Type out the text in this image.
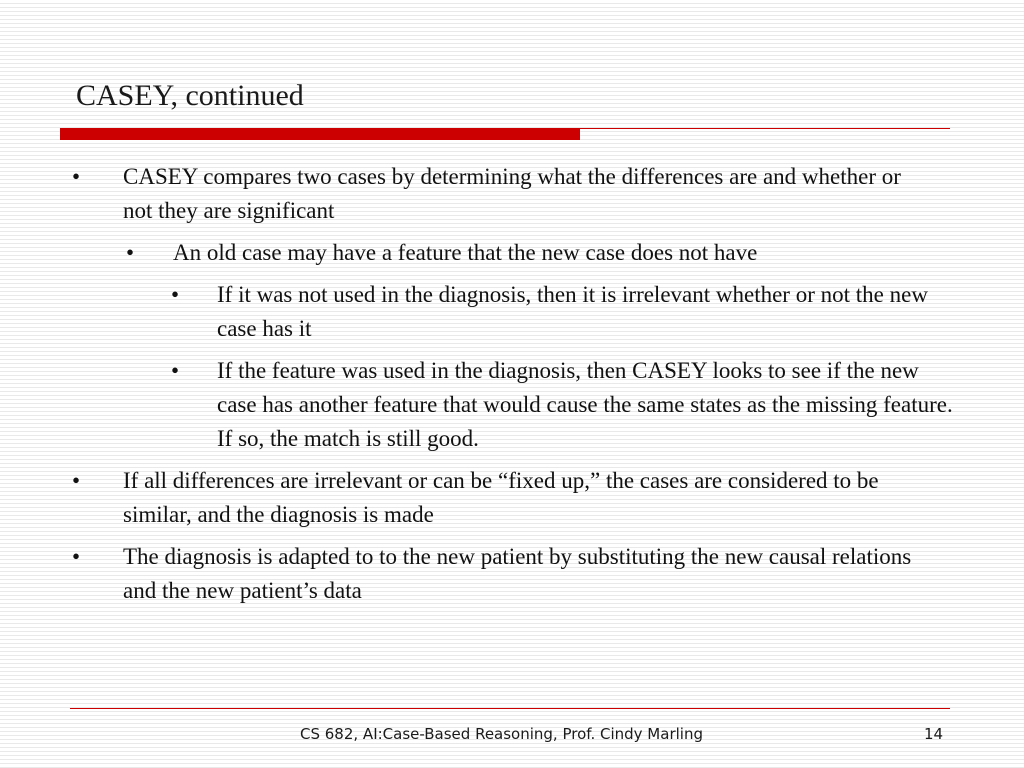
CASEY, continued
• CASEY compares two cases by determining what the differences are and whether or not they are significant
• An old case may have a feature that the new case does not have
• If it was not used in the diagnosis, then it is irrelevant whether or not the new case has it
• If the feature was used in the diagnosis, then CASEY looks to see if the new case has another feature that would cause the same states as the missing feature. If so, the match is still good.
• If all differences are irrelevant or can be “fixed up,” the cases are considered to be similar, and the diagnosis is made
• The diagnosis is adapted to to the new patient by substituting the new causal relations and the new patient’s data
CS 682, AI:Case-Based Reasoning, Prof. Cindy Marling	14
